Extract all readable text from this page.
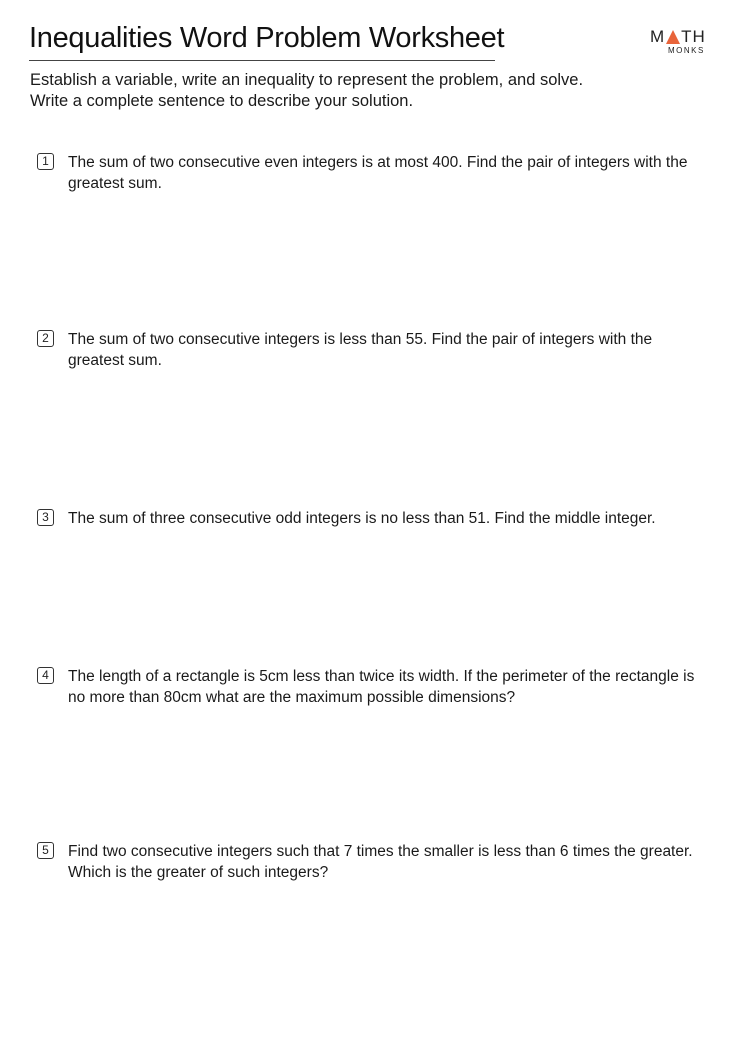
Inequalities Word Problem Worksheet	M TH
MONKS
Establish a variable, write an inequality to represent the problem, and solve.
Write a complete sentence to describe your solution.
1	The sum of two consecutive even integers is at most 400. Find the pair of integers with the greatest sum.
2	The sum of two consecutive integers is less than 55. Find the pair of integers with the greatest sum.
3	The sum of three consecutive odd integers is no less than 51. Find the middle integer.
4	The length of a rectangle is 5cm less than twice its width. If the perimeter of the rectangle is no more than 80cm what are the maximum possible dimensions?
5	Find two consecutive integers such that 7 times the smaller is less than 6 times the greater. Which is the greater of such integers?
